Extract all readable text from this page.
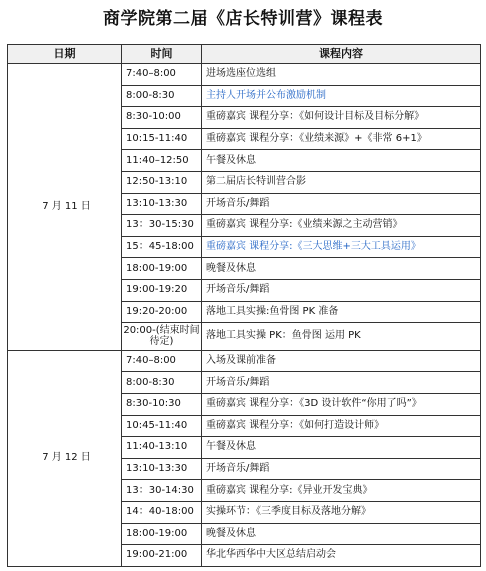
商学院第二届《店长特训营》课程表
日期	时间	课程内容
7 月 11 日	7:40–8:00	进场选座位选组
	8:00-8:30	主持人开场并公布激励机制
	8:30-10:00	重磅嘉宾 课程分享：《如何设计目标及目标分解》
	10:15-11:40	重磅嘉宾 课程分享：《业绩来源》+《非常 6+1》
	11:40–12:50	午餐及休息
	12:50-13:10	第二届店长特训营合影
	13:10-13:30	开场音乐/舞蹈
	13：30-15:30	重磅嘉宾 课程分享:《业绩来源之主动营销》
	15：45-18:00	重磅嘉宾 课程分享:《三大思维+三大工具运用》
	18:00-19:00	晚餐及休息
	19:00-19:20	开场音乐/舞蹈
	19:20-20:00	落地工具实操:鱼骨图 PK 准备
	20:00-(结束时间待定)	落地工具实操 PK：鱼骨图 运用 PK
7 月 12 日	7:40–8:00	入场及课前准备
	8:00-8:30	开场音乐/舞蹈
	8:30-10:30	重磅嘉宾 课程分享：《3D 设计软件“你用了吗”》
	10:45-11:40	重磅嘉宾 课程分享：《如何打造设计师》
	11:40-13:10	午餐及休息
	13:10-13:30	开场音乐/舞蹈
	13：30-14:30	重磅嘉宾 课程分享:《异业开发宝典》
	14：40-18:00	实操环节：《三季度目标及落地分解》
	18:00-19:00	晚餐及休息
	19:00-21:00	华北华西华中大区总结启动会
